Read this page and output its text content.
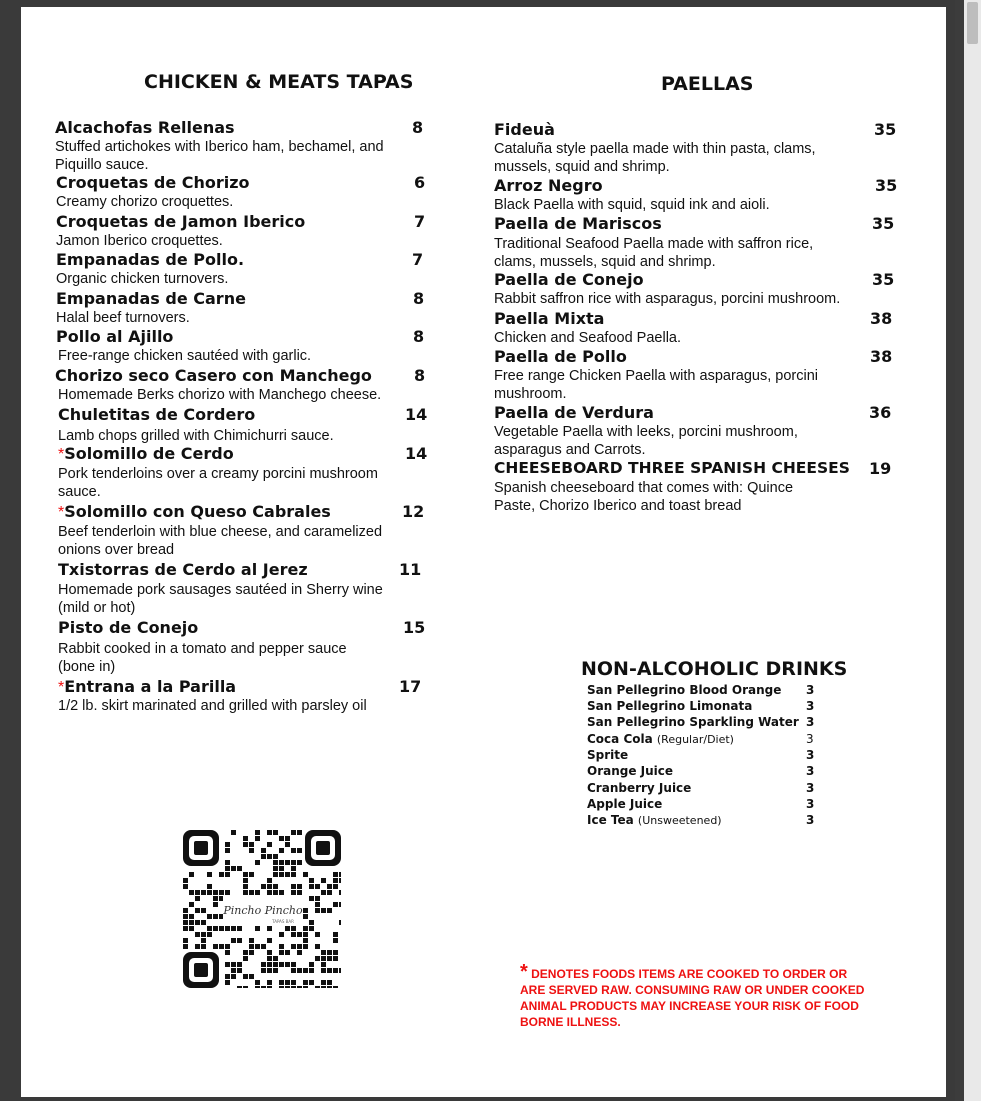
CHICKEN & MEATS TAPAS	PAELLAS
NON-ALCOHOLIC DRINKS
Alcachofas Rellenas	8
Stuffed artichokes with Iberico ham, bechamel, and Piquillo sauce.
Croquetas de Chorizo	6
Creamy chorizo croquettes.
Croquetas de Jamon Iberico	7
Jamon Iberico croquettes.
Empanadas de Pollo.	7
Organic chicken turnovers.
Empanadas de Carne	8
Halal beef turnovers.
Pollo al Ajillo	8
Free-range chicken sautéed with garlic.
Chorizo seco Casero con Manchego	8
Homemade Berks chorizo with Manchego cheese.
Chuletitas de Cordero	14
Lamb chops grilled with Chimichurri sauce.
*Solomillo de Cerdo	14
Pork tenderloins over a creamy porcini mushroom sauce.
*Solomillo con Queso Cabrales	12
Beef tenderloin with blue cheese, and caramelized onions over bread
Txistorras de Cerdo al Jerez	11
Homemade pork sausages sautéed in Sherry wine (mild or hot)
Pisto de Conejo	15
Rabbit cooked in a tomato and pepper sauce (bone in)
*Entrana a la Parilla	17
1/2 lb. skirt marinated and grilled with parsley oil
Fideuà	35
Cataluña style paella made with thin pasta, clams, mussels, squid and shrimp.
Arroz Negro	35
Black Paella with squid, squid ink and aioli.
Paella de Mariscos	35
Traditional Seafood Paella made with saffron rice, clams, mussels, squid and shrimp.
Paella de Conejo	35
Rabbit saffron rice with asparagus, porcini mushroom.
Paella Mixta	38
Chicken and Seafood Paella.
Paella de Pollo	38
Free range Chicken Paella with asparagus, porcini mushroom.
Paella de Verdura	36
Vegetable Paella with leeks, porcini mushroom, asparagus and Carrots.
CHEESEBOARD THREE SPANISH CHEESES 19
Spanish cheeseboard that comes with: Quince Paste, Chorizo Iberico and toast bread
San Pellegrino Blood Orange 3
San Pellegrino Limonata	3
San Pellegrino Sparkling Water 3
Coca Cola (Regular/Diet)	3
Sprite	3
Orange Juice	3
Cranberry Juice	3
Apple Juice	3
Ice Tea (Unsweetened)	3
Pincho Pincho
TAPAS BAR
* DENOTES FOODS ITEMS ARE COOKED TO ORDER OR ARE SERVED RAW. CONSUMING RAW OR UNDER COOKED ANIMAL PRODUCTS MAY INCREASE YOUR RISK OF FOOD BORNE ILLNESS.
